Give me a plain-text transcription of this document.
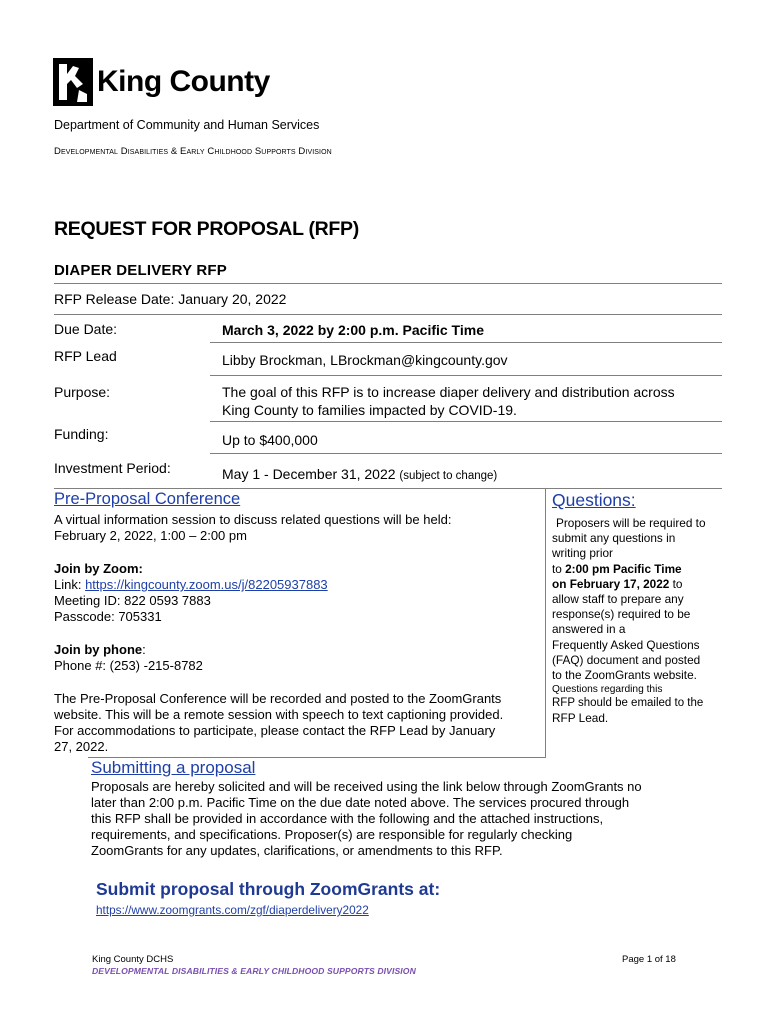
King County
Department of Community and Human Services
Developmental Disabilities & Early Childhood Supports Division
REQUEST FOR PROPOSAL (RFP)
DIAPER DELIVERY RFP
RFP Release Date: January 20, 2022
Due Date:	March 3, 2022 by 2:00 p.m. Pacific Time
RFP Lead	Libby Brockman, LBrockman@kingcounty.gov
Purpose:	The goal of this RFP is to increase diaper delivery and distribution across
King County to families impacted by COVID-19.
Funding:	Up to $400,000
Investment Period:	May 1 - December 31, 2022 (subject to change)
Pre-Proposal Conference
A virtual information session to discuss related questions will be held:
February 2, 2022, 1:00 – 2:00 pm
Join by Zoom:
Link: https://kingcounty.zoom.us/j/82205937883
Meeting ID: 822 0593 7883
Passcode: 705331
Join by phone:
Phone #: (253) -215-8782
The Pre-Proposal Conference will be recorded and posted to the ZoomGrants
website. This will be a remote session with speech to text captioning provided.
For accommodations to participate, please contact the RFP Lead by January
27, 2022.
Questions:
Proposers will be required to
submit any questions in
writing prior
to 2:00 pm Pacific Time
on February 17, 2022 to
allow staff to prepare any
response(s) required to be
answered in a
Frequently Asked Questions
(FAQ) document and posted
to the ZoomGrants website.
Questions regarding this
RFP should be emailed to the
RFP Lead.
Submitting a proposal
Proposals are hereby solicited and will be received using the link below through ZoomGrants no
later than 2:00 p.m. Pacific Time on the due date noted above. The services procured through
this RFP shall be provided in accordance with the following and the attached instructions,
requirements, and specifications. Proposer(s) are responsible for regularly checking
ZoomGrants for any updates, clarifications, or amendments to this RFP.
Submit proposal through ZoomGrants at:
https://www.zoomgrants.com/zgf/diaperdelivery2022
King County DCHS
DEVELOPMENTAL DISABILITIES & EARLY CHILDHOOD SUPPORTS DIVISION
Page 1 of 18
